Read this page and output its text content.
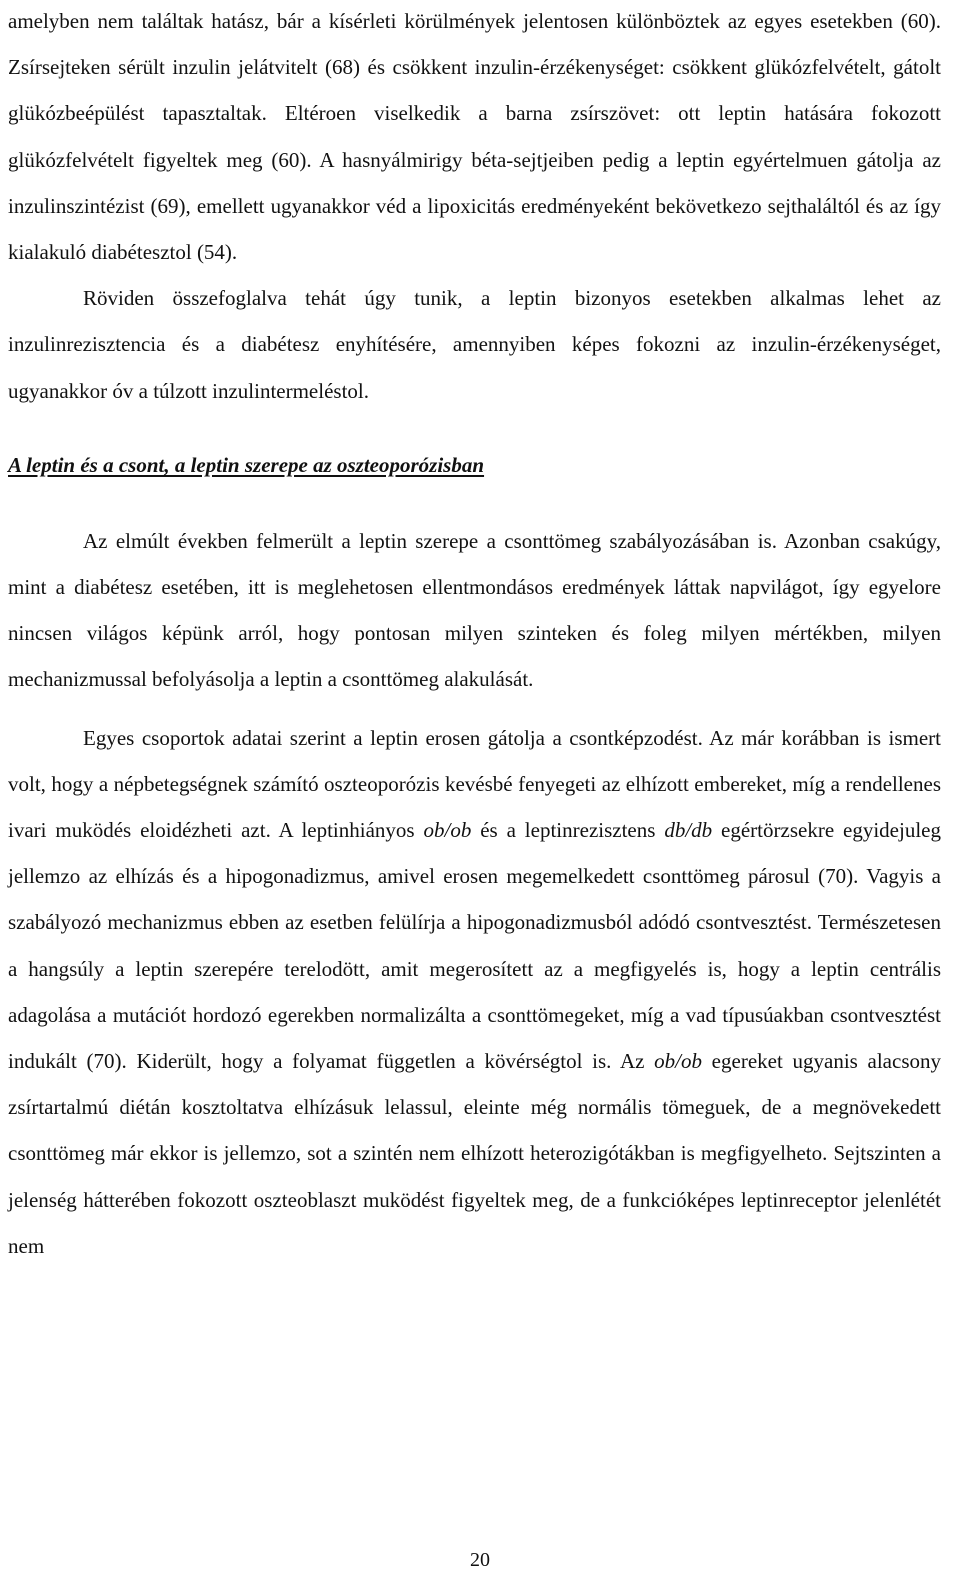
amelyben nem találtak hatász, bár a kísérleti körülmények jelentosen különböztek az egyes esetekben (60). Zsírsejteken sérült inzulin jelátvitelt (68) és csökkent inzulin-érzékenységet: csökkent glükózfelvételt, gátolt glükózbeépülést tapasztaltak. Eltéroen viselkedik a barna zsírszövet: ott leptin hatására fokozott glükózfelvételt figyeltek meg (60). A hasnyálmirigy béta-sejtjeiben pedig a leptin egyértelmuen gátolja az inzulinszintézist (69), emellett ugyanakkor véd a lipoxicitás eredményeként bekövetkezo sejthaláltól és az így kialakuló diabétesztol (54).

Röviden összefoglalva tehát úgy tunik, a leptin bizonyos esetekben alkalmas lehet az inzulinrezisztencia és a diabétesz enyhítésére, amennyiben képes fokozni az inzulin-érzékenységet, ugyanakkor óv a túlzott inzulintermeléstol.

A leptin és a csont, a leptin szerepe az oszteoporózisban

Az elmúlt években felmerült a leptin szerepe a csonttömeg szabályozásában is. Azonban csakúgy, mint a diabétesz esetében, itt is meglehetosen ellentmondásos eredmények láttak napvilágot, így egyelore nincsen világos képünk arról, hogy pontosan milyen szinteken és foleg milyen mértékben, milyen mechanizmussal befolyásolja a leptin a csonttömeg alakulását.

Egyes csoportok adatai szerint a leptin erosen gátolja a csontképzodést. Az már korábban is ismert volt, hogy a népbetegségnek számító oszteoporózis kevésbé fenyegeti az elhízott embereket, míg a rendellenes ivari muködés eloidézheti azt. A leptinhiányos ob/ob és a leptinrezisztens db/db egértörzsekre egyidejuleg jellemzo az elhízás és a hipogonadizmus, amivel erosen megemelkedett csonttömeg párosul (70). Vagyis a szabályozó mechanizmus ebben az esetben felülírja a hipogonadizmusból adódó csontvesztést. Természetesen a hangsúly a leptin szerepére terelodött, amit megerosített az a megfigyelés is, hogy a leptin centrális adagolása a mutációt hordozó egerekben normalizálta a csonttömegeket, míg a vad típusúakban csontvesztést indukált (70). Kiderült, hogy a folyamat független a kövérségtol is. Az ob/ob egereket ugyanis alacsony zsírtartalmú diétán kosztoltatva elhízásuk lelassul, eleinte még normális tömeguek, de a megnövekedett csonttömeg már ekkor is jellemzo, sot a szintén nem elhízott heterozigótákban is megfigyelheto. Sejtszinten a jelenség hátterében fokozott oszteoblaszt muködést figyeltek meg, de a funkcióképes leptinreceptor jelenlétét nem

20
